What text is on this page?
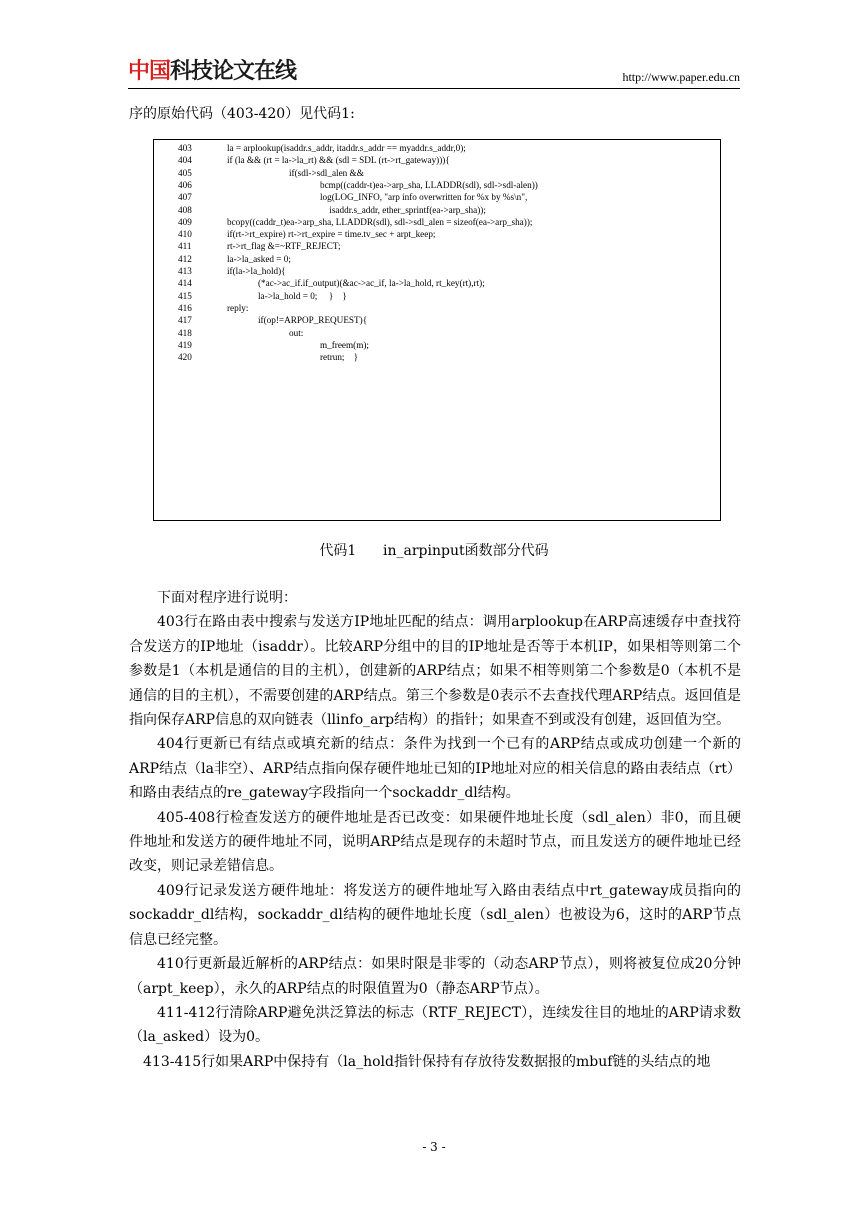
中国科技论文在线	http://www.paper.edu.cn
序的原始代码（403-420）见代码1:
403	la = arplookup(isaddr.s_addr, itaddr.s_addr == myaddr.s_addr,0);
404	if (la && (rt = la->la_rt) && (sdl = SDL (rt->rt_gateway))){
405	if(sdl->sdl_alen &&
406	bcmp((caddr-t)ea->arp_sha, LLADDR(sdl), sdl->sdl-alen))
407	log(LOG_INFO, "arp info overwritten for %x by %s\n",
408	isaddr.s_addr, ether_sprintf(ea->arp_sha));
409	bcopy((caddr_t)ea->arp_sha, LLADDR(sdl), sdl->sdl_alen = sizeof(ea->arp_sha));
410	if(rt->rt_expire) rt->rt_expire = time.tv_sec + arpt_keep;
411	rt->rt_flag &=~RTF_REJECT;
412	la->la_asked = 0;
413	if(la->la_hold){
414	(*ac->ac_if.if_output)(&ac->ac_if, la->la_hold, rt_key(rt),rt);
415	la->la_hold = 0;     }    }
416	reply:
417	if(op!=ARPOP_REQUEST){
418	out:
419	m_freem(m);
420	retrun;    }
代码1      in_arpinput函数部分代码

下面对程序进行说明：

403行在路由表中搜索与发送方IP地址匹配的结点：调用arplookup在ARP高速缓存中查找符合发送方的IP地址（isaddr）。比较ARP分组中的目的IP地址是否等于本机IP，如果相等则第二个参数是1（本机是通信的目的主机），创建新的ARP结点；如果不相等则第二个参数是0（本机不是通信的目的主机），不需要创建的ARP结点。第三个参数是0表示不去查找代理ARP结点。返回值是指向保存ARP信息的双向链表（llinfo_arp结构）的指针；如果查不到或没有创建，返回值为空。

404行更新已有结点或填充新的结点：条件为找到一个已有的ARP结点或成功创建一个新的ARP结点（la非空）、ARP结点指向保存硬件地址已知的IP地址对应的相关信息的路由表结点（rt）和路由表结点的re_gateway字段指向一个sockaddr_dl结构。

405-408行检查发送方的硬件地址是否已改变：如果硬件地址长度（sdl_alen）非0，而且硬件地址和发送方的硬件地址不同，说明ARP结点是现存的未超时节点，而且发送方的硬件地址已经改变，则记录差错信息。

409行记录发送方硬件地址：将发送方的硬件地址写入路由表结点中rt_gateway成员指向的sockaddr_dl结构，sockaddr_dl结构的硬件地址长度（sdl_alen）也被设为6，这时的ARP节点信息已经完整。

410行更新最近解析的ARP结点：如果时限是非零的（动态ARP节点），则将被复位成20分钟（arpt_keep），永久的ARP结点的时限值置为0（静态ARP节点）。

411-412行清除ARP避免洪泛算法的标志（RTF_REJECT），连续发往目的地址的ARP请求数（la_asked）设为0。

413-415行如果ARP中保持有（la_hold指针保持有存放待发数据报的mbuf链的头结点的地

- 3 -
